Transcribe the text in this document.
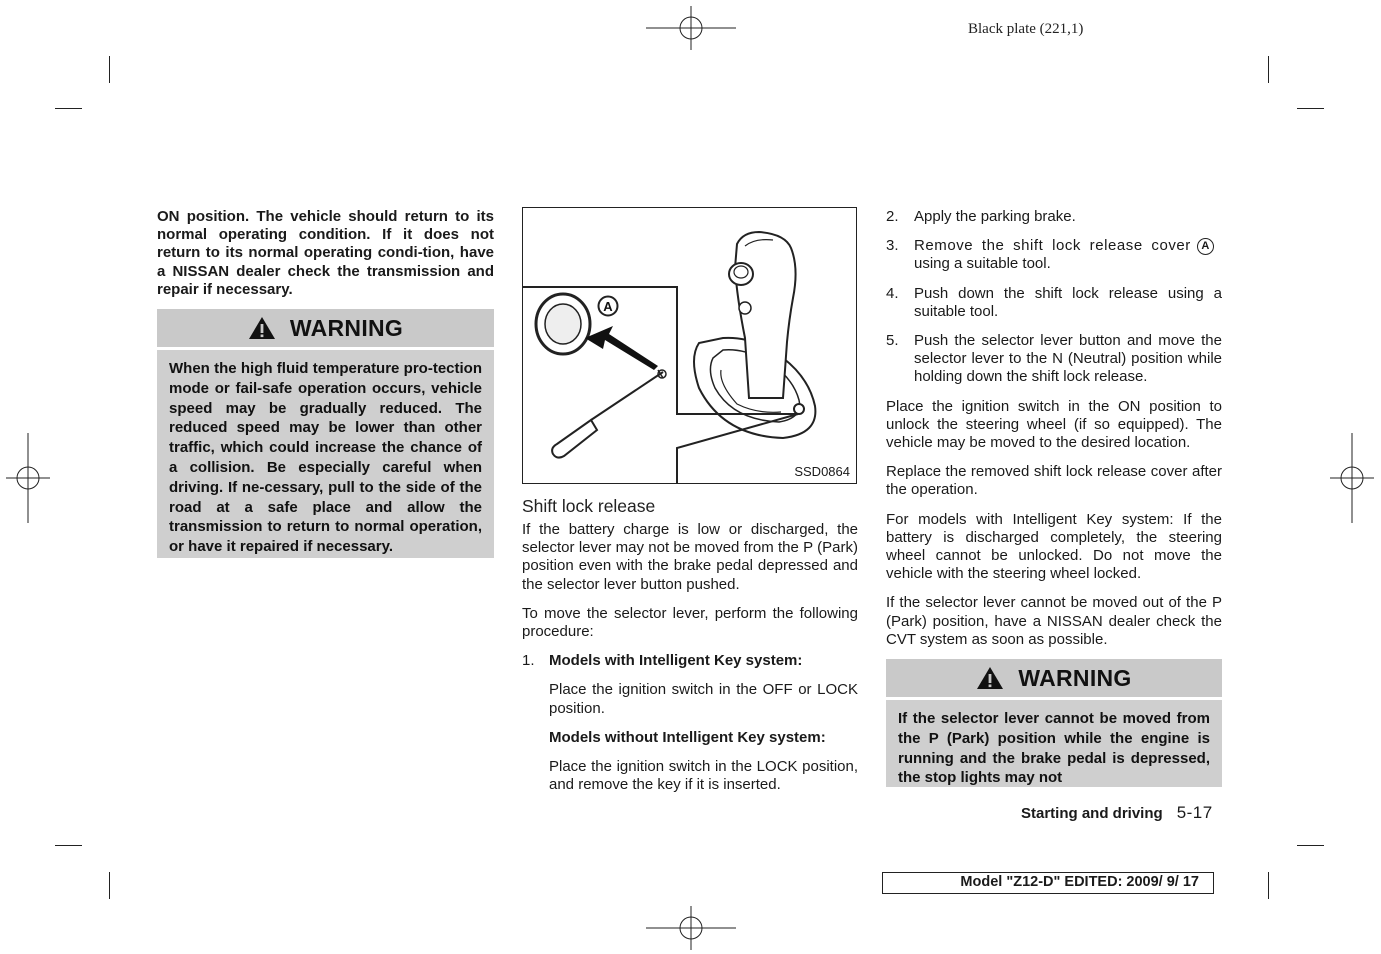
Black plate (221,1)
ON position. The vehicle should return to its normal operating condition. If it does not return to its normal operating condi-tion, have a NISSAN dealer check the transmission and repair if necessary.
WARNING
When the high fluid temperature pro-tection mode or fail-safe operation occurs, vehicle speed may be gradually reduced. The reduced speed may be lower than other traffic, which could increase the chance of a collision. Be especially careful when driving. If ne-cessary, pull to the side of the road at a safe place and allow the transmission to return to normal operation, or have it repaired if necessary.
A
SSD0864
Shift lock release
If the battery charge is low or discharged, the selector lever may not be moved from the P (Park) position even with the brake pedal depressed and the selector lever button pushed.
To move the selector lever, perform the following procedure:
1. Models with Intelligent Key system:
Place the ignition switch in the OFF or LOCK position.
Models without Intelligent Key system:
Place the ignition switch in the LOCK position, and remove the key if it is inserted.
2.	Apply the parking brake.
3.	Remove the shift lock release cover A
using a suitable tool.
4.	Push down the shift lock release using a suitable tool.
5.	Push the selector lever button and move the selector lever to the N (Neutral) position while holding down the shift lock release.
Place the ignition switch in the ON position to unlock the steering wheel (if so equipped). The vehicle may be moved to the desired location.
Replace the removed shift lock release cover after the operation.
For models with Intelligent Key system: If the battery is discharged completely, the steering wheel cannot be unlocked. Do not move the vehicle with the steering wheel locked.
If the selector lever cannot be moved out of the P (Park) position, have a NISSAN dealer check the CVT system as soon as possible.
WARNING
If the selector lever cannot be moved from the P (Park) position while the engine is running and the brake pedal is depressed, the stop lights may not
Starting and driving 5-17
Model "Z12-D" EDITED: 2009/ 9/ 17
